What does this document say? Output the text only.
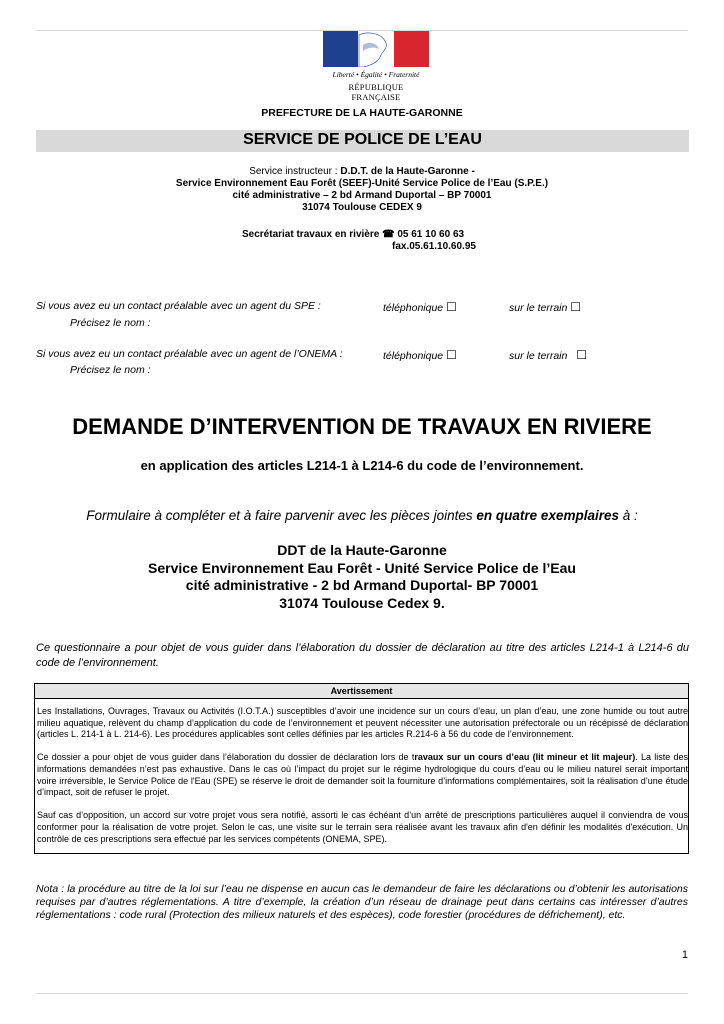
Liberté • Égalité • Fraternité
RÉPUBLIQUE FRANÇAISE
PREFECTURE DE LA HAUTE-GARONNE
SERVICE DE POLICE DE L’EAU
Service instructeur : D.D.T. de la Haute-Garonne -
Service Environnement Eau Forêt (SEEF)-Unité Service Police de l’Eau (S.P.E.)
cité administrative – 2 bd Armand Duportal – BP 70001
31074 Toulouse CEDEX 9
Secrétariat travaux en rivière ☎ 05 61 10 60 63
fax.05.61.10.60.95
Si vous avez eu un contact préalable avec un agent du SPE :	téléphonique ☐	sur le terrain ☐
Précisez le nom :
Si vous avez eu un contact préalable avec un agent de l’ONEMA :	téléphonique ☐	sur le terrain ☐
Précisez le nom :
DEMANDE D’INTERVENTION DE TRAVAUX EN RIVIERE
en application des articles L214-1 à L214-6 du code de l’environnement.
Formulaire à compléter et à faire parvenir avec les pièces jointes en quatre exemplaires à :
DDT de la Haute-Garonne
Service Environnement Eau Forêt - Unité Service Police de l’Eau
cité administrative - 2 bd Armand Duportal- BP 70001
31074 Toulouse Cedex 9.
Ce questionnaire a pour objet de vous guider dans l’élaboration du dossier de déclaration au titre des articles L214-1 à L214-6 du code de l’environnement.
Avertissement

Les Installations, Ouvrages, Travaux ou Activités (I.O.T.A.) susceptibles d’avoir une incidence sur un cours d’eau, un plan d’eau, une zone humide ou tout autre milieu aquatique, relèvent du champ d’application du code de l’environnement et peuvent nécessiter une autorisation préfectorale ou un récépissé de déclaration (articles L. 214-1 à L. 214-6). Les procédures applicables sont celles définies par les articles R.214-6 à 56 du code de l’environnement.

Ce dossier a pour objet de vous guider dans l’élaboration du dossier de déclaration lors de travaux sur un cours d’eau (lit mineur et lit majeur). La liste des informations demandées n’est pas exhaustive. Dans le cas où l’impact du projet sur le régime hydrologique du cours d’eau ou le milieu naturel serait important voire irréversible, le Service Police de l'Eau (SPE) se réserve le droit de demander soit la fourniture d’informations complémentaires, soit la réalisation d’une étude d’impact, soit de refuser le projet.

Sauf cas d’opposition, un accord sur votre projet vous sera notifié, assorti le cas échéant d’un arrêté de prescriptions particulières auquel il conviendra de vous conformer pour la réalisation de votre projet. Selon le cas, une visite sur le terrain sera réalisée avant les travaux afin d'en définir les modalités d'exécution. Un contrôle de ces prescriptions sera effectué par les services compétents (ONEMA, SPE).

Nota : la procédure au titre de la loi sur l’eau ne dispense en aucun cas le demandeur de faire les déclarations ou d’obtenir les autorisations requises par d’autres réglementations. A titre d’exemple, la création d’un réseau de drainage peut dans certains cas intéresser d’autres réglementations : code rural (Protection des milieux naturels et des espèces), code forestier (procédures de défrichement), etc.
1
